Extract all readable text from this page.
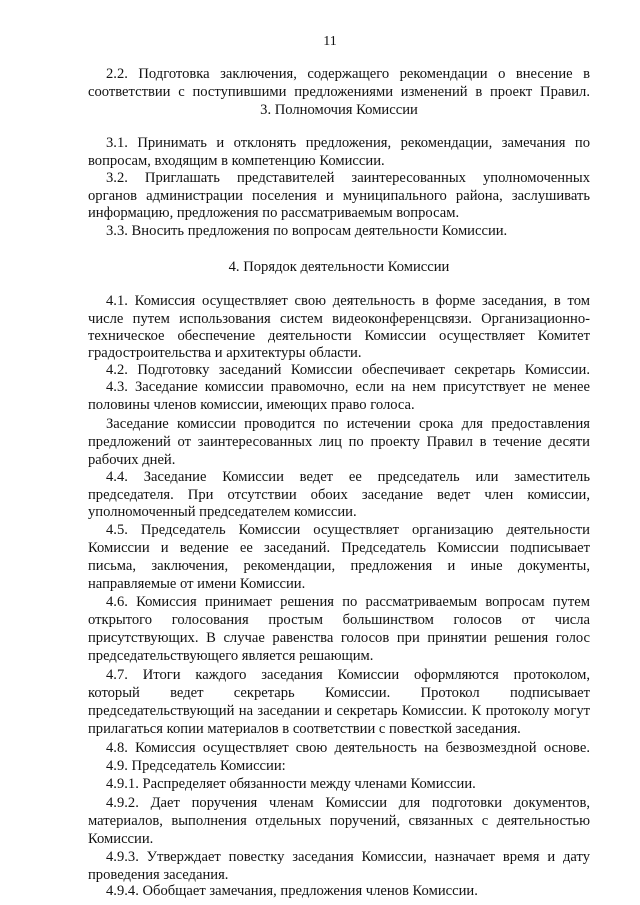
11
2.2. Подготовка заключения, содержащего рекомендации о внесение в
соответствии с поступившими предложениями изменений в проект Правил.
3. Полномочия Комиссии
3.1. Принимать и отклонять предложения, рекомендации, замечания по
вопросам, входящим в компетенцию Комиссии.
3.2. Приглашать представителей заинтересованных уполномоченных
органов администрации поселения и муниципального района, заслушивать
информацию, предложения по рассматриваемым вопросам.
3.3. Вносить предложения по вопросам деятельности Комиссии.
4. Порядок деятельности Комиссии
4.1. Комиссия осуществляет свою деятельность в форме заседания, в том
числе путем использования систем видеоконференцсвязи. Организационно-
техническое обеспечение деятельности Комиссии осуществляет Комитет
градостроительства и архитектуры области.
4.2. Подготовку заседаний Комиссии обеспечивает секретарь Комиссии.
4.3. Заседание комиссии правомочно, если на нем присутствует не менее
половины членов комиссии, имеющих право голоса.
Заседание комиссии проводится по истечении срока для предоставления
предложений от заинтересованных лиц по проекту Правил в течение десяти
рабочих дней.
4.4. Заседание Комиссии ведет ее председатель или заместитель
председателя. При отсутствии обоих заседание ведет член комиссии,
уполномоченный председателем комиссии.
4.5. Председатель Комиссии осуществляет организацию деятельности
Комиссии и ведение ее заседаний. Председатель Комиссии подписывает
письма, заключения, рекомендации, предложения и иные документы,
направляемые от имени Комиссии.
4.6. Комиссия принимает решения по рассматриваемым вопросам путем
открытого голосования простым большинством голосов от числа
присутствующих. В случае равенства голосов при принятии решения голос
председательствующего является решающим.
4.7. Итоги каждого заседания Комиссии оформляются протоколом,
который ведет секретарь Комиссии. Протокол подписывает
председательствующий на заседании и секретарь Комиссии. К протоколу могут
прилагаться копии материалов в соответствии с повесткой заседания.
4.8. Комиссия осуществляет свою деятельность на безвозмездной основе.
4.9. Председатель Комиссии:
4.9.1. Распределяет обязанности между членами Комиссии.
4.9.2. Дает поручения членам Комиссии для подготовки документов,
материалов, выполнения отдельных поручений, связанных с деятельностью
Комиссии.
4.9.3. Утверждает повестку заседания Комиссии, назначает время и дату
проведения заседания.
4.9.4. Обобщает замечания, предложения членов Комиссии.
